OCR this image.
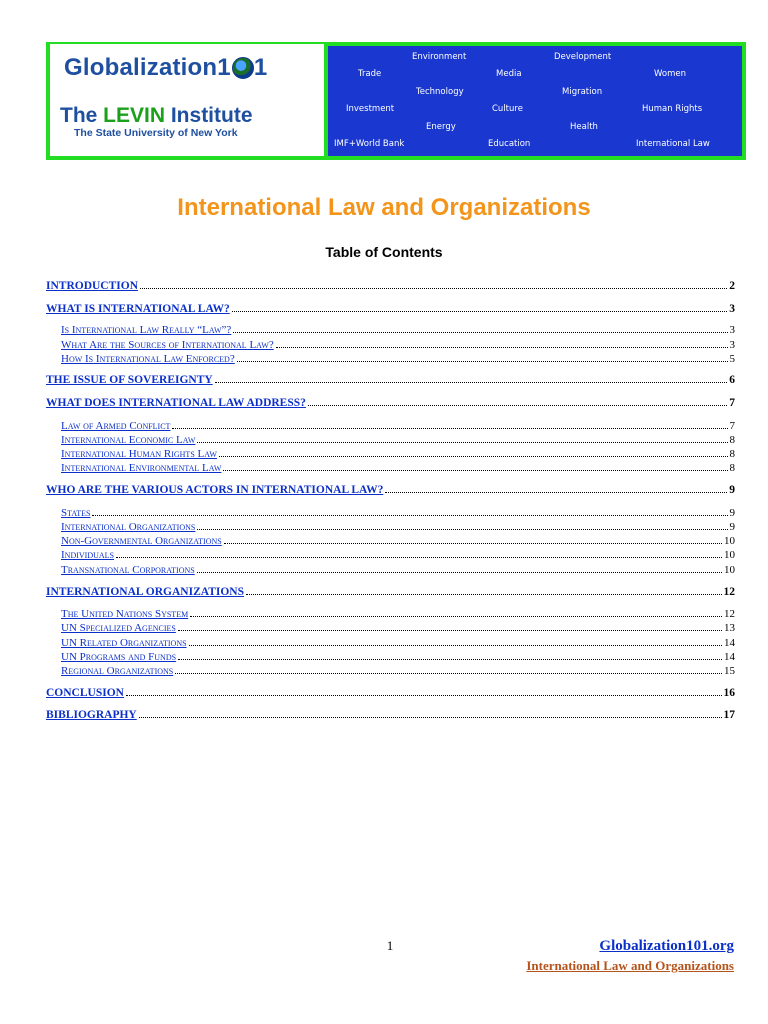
Globalization 1 1
The LEVIN Institute
The State University of New York
Environment	Development
Trade	Media	Women
Technology	Migration
Investment	Culture	Human Rights
Energy	Health
IMF+World Bank	Education	International Law
International Law and Organizations
Table of Contents
INTRODUCTION	2
WHAT IS INTERNATIONAL LAW?	3
Is International Law Really “Law”?	3
What Are the Sources of International Law?	3
How Is International Law Enforced?	5
THE ISSUE OF SOVEREIGNTY	6
WHAT DOES INTERNATIONAL LAW ADDRESS?	7
Law of Armed Conflict	7
International Economic Law	8
International Human Rights Law	8
International Environmental Law	8
WHO ARE THE VARIOUS ACTORS IN INTERNATIONAL LAW?	9
States	9
International Organizations	9
Non-Governmental Organizations	10
Individuals	10
Transnational Corporations	10
INTERNATIONAL ORGANIZATIONS	12
The United Nations System	12
UN Specialized Agencies	13
UN Related Organizations	14
UN Programs and Funds	14
Regional Organizations	15
CONCLUSION	16
BIBLIOGRAPHY	17
1	Globalization101.org
International Law and Organizations
